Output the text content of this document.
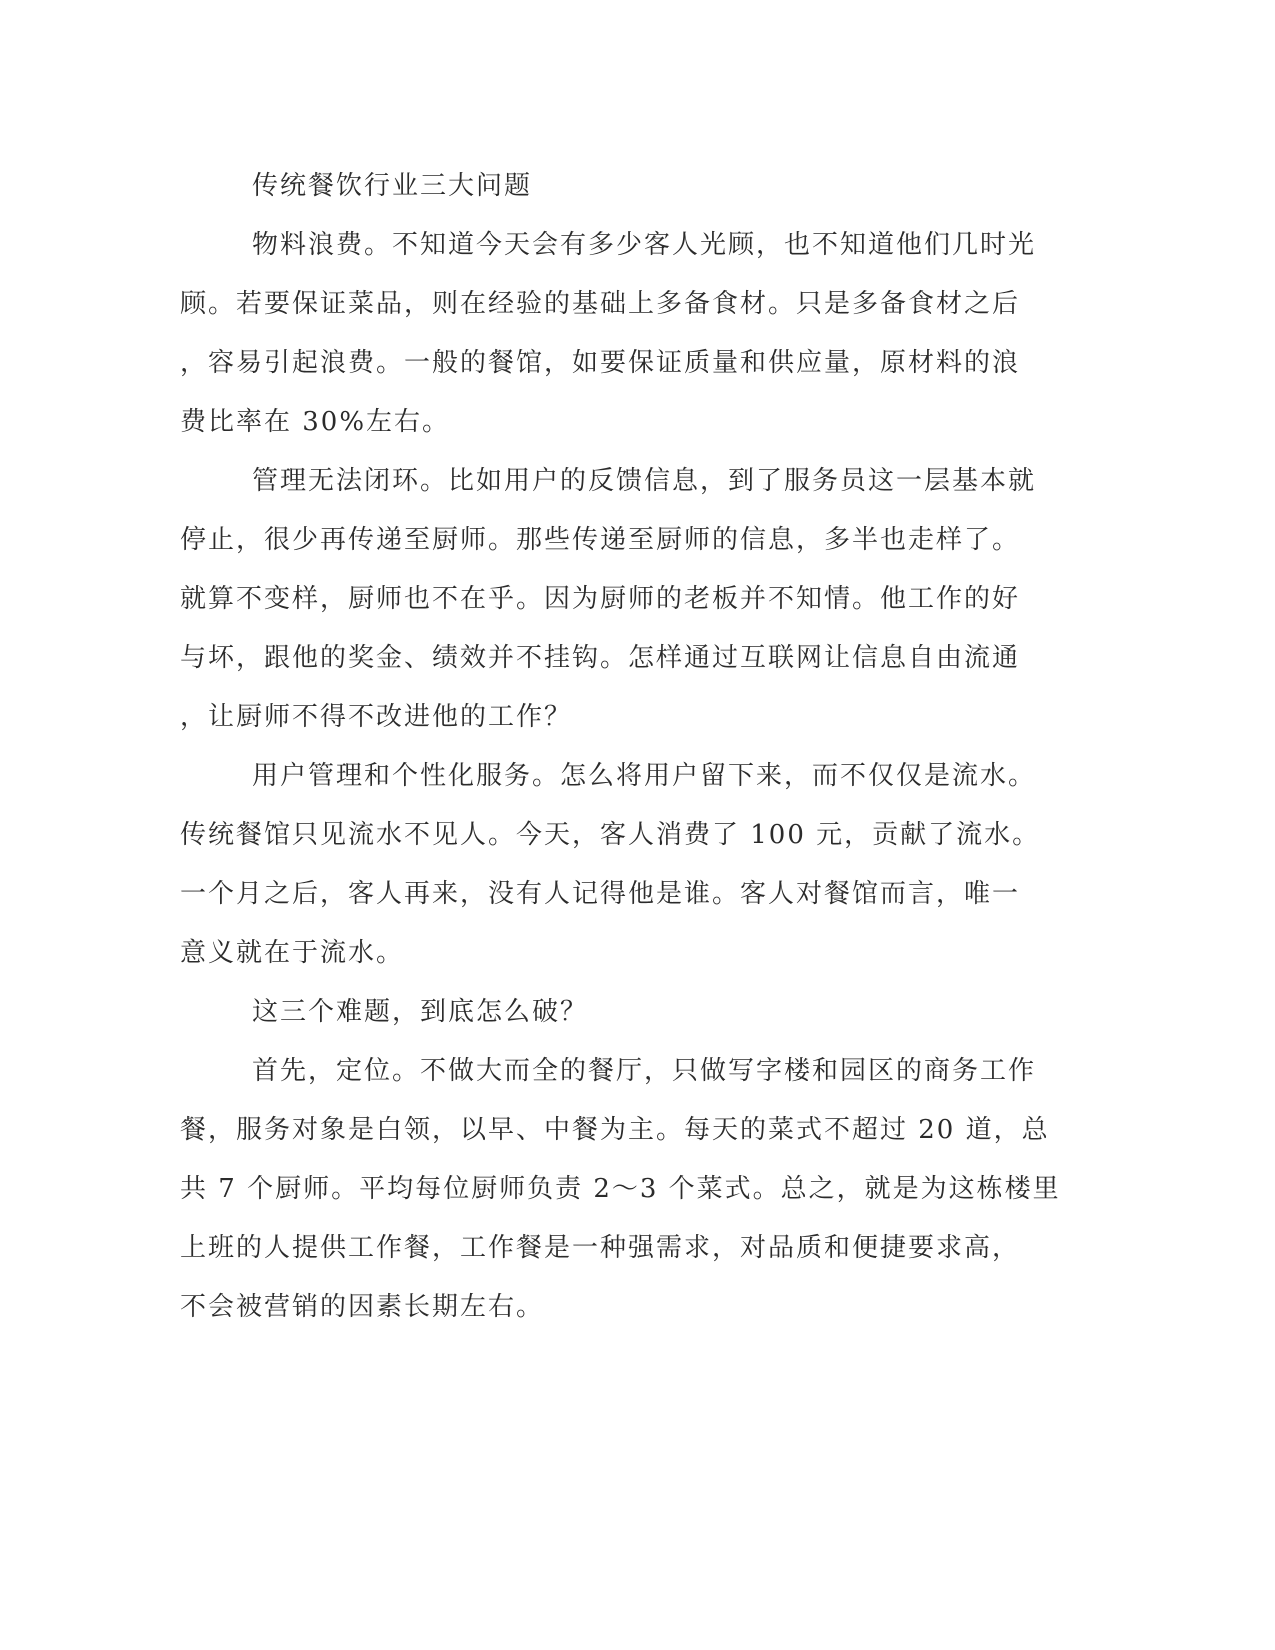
传统餐饮行业三大问题

物料浪费。不知道今天会有多少客人光顾，也不知道他们几时光
顾。若要保证菜品，则在经验的基础上多备食材。只是多备食材之后
，容易引起浪费。一般的餐馆，如要保证质量和供应量，原材料的浪
费比率在 30%左右。

管理无法闭环。比如用户的反馈信息，到了服务员这一层基本就
停止，很少再传递至厨师。那些传递至厨师的信息，多半也走样了。
就算不变样，厨师也不在乎。因为厨师的老板并不知情。他工作的好
与坏，跟他的奖金、绩效并不挂钩。怎样通过互联网让信息自由流通
，让厨师不得不改进他的工作？

用户管理和个性化服务。怎么将用户留下来，而不仅仅是流水。
传统餐馆只见流水不见人。今天，客人消费了 100 元，贡献了流水。
一个月之后，客人再来，没有人记得他是谁。客人对餐馆而言，唯一
意义就在于流水。

这三个难题，到底怎么破？

首先，定位。不做大而全的餐厅，只做写字楼和园区的商务工作
餐，服务对象是白领，以早、中餐为主。每天的菜式不超过 20 道，总
共 7 个厨师。平均每位厨师负责 2～3 个菜式。总之，就是为这栋楼里
上班的人提供工作餐，工作餐是一种强需求，对品质和便捷要求高，
不会被营销的因素长期左右。
